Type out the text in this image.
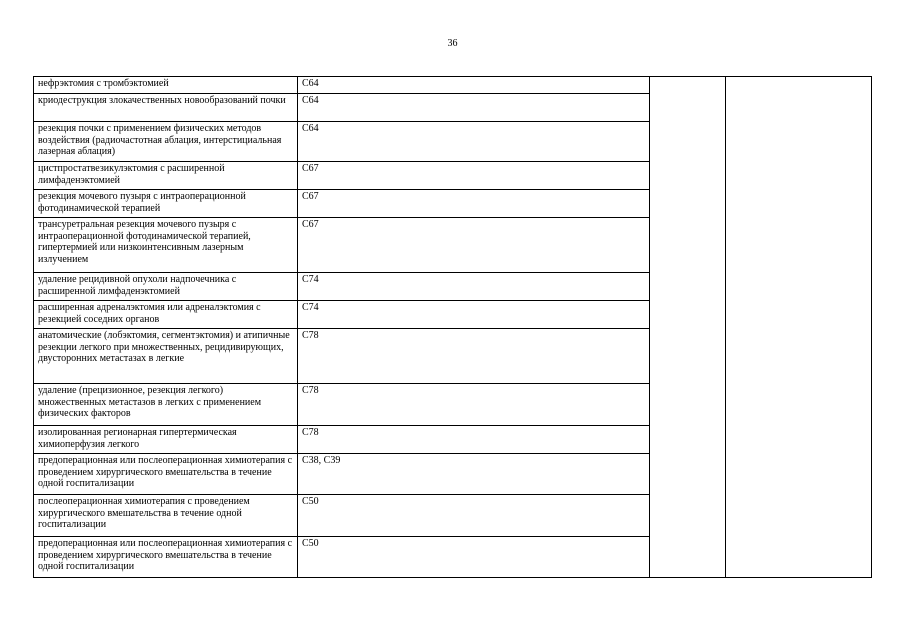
36
нефрэктомия с тромбэктомией	C64		
криодеструкция злокачественных новообразований почки	C64		
резекция почки с применением физических методов воздействия (радиочастотная аблация, интерстициальная лазерная аблация)	C64		
цистпростатвезикулэктомия с расширенной лимфаденэктомией	C67		
резекция мочевого пузыря с интраоперационной фотодинамической терапией	C67		
трансуретральная резекция мочевого пузыря с интраоперационной фотодинамической терапией, гипертермией или низкоинтенсивным лазерным излучением	C67		
удаление рецидивной опухоли надпочечника с расширенной лимфаденэктомией	C74		
расширенная адреналэктомия или адреналэктомия с резекцией соседних органов	C74		
анатомические (лобэктомия, сегментэктомия) и атипичные резекции легкого при множественных, рецидивирующих, двусторонних метастазах в легкие	C78		
удаление (прецизионное, резекция легкого) множественных метастазов в легких с применением физических факторов	C78		
изолированная регионарная гипертермическая химиоперфузия легкого	C78		
предоперационная или послеоперационная химиотерапия с проведением хирургического вмешательства в течение одной госпитализации	C38, C39		
послеоперационная химиотерапия с проведением хирургического вмешательства в течение одной госпитализации	C50		
предоперационная или послеоперационная химиотерапия с проведением хирургического вмешательства в течение одной госпитализации	C50		
